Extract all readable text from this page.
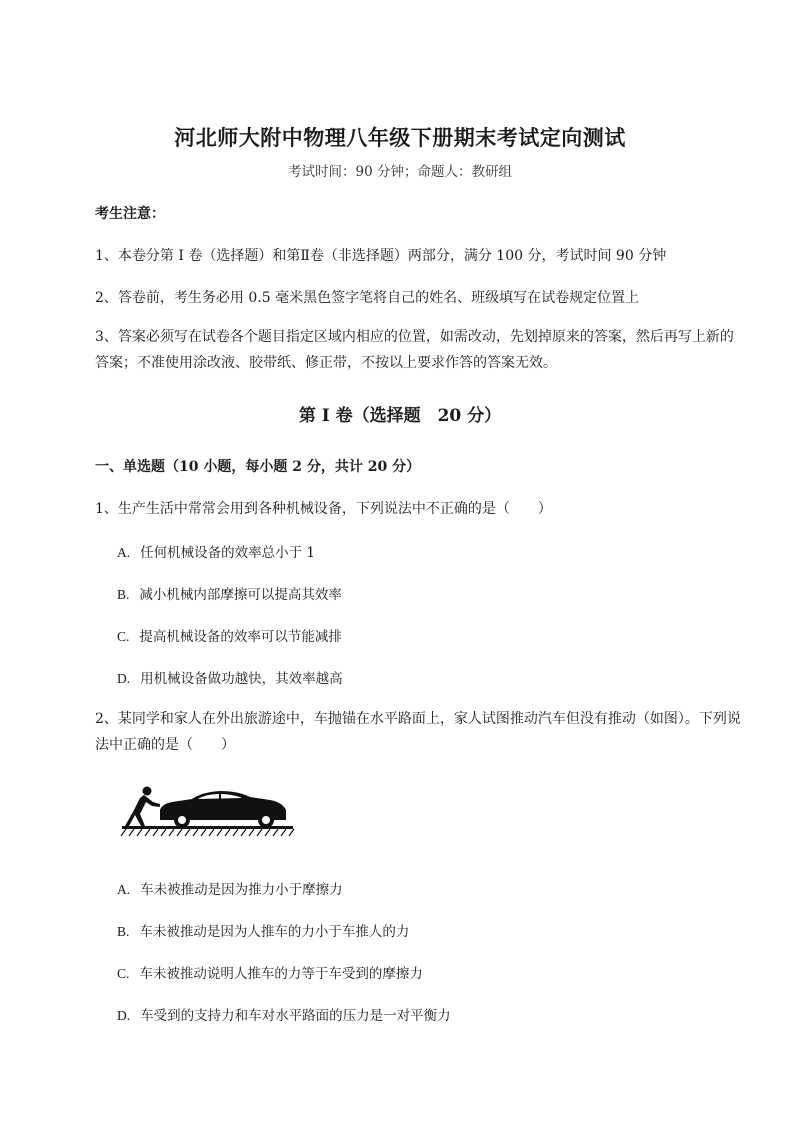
河北师大附中物理八年级下册期末考试定向测试
考试时间：90 分钟；命题人：教研组
考生注意：
1、本卷分第 I 卷（选择题）和第Ⅱ卷（非选择题）两部分，满分 100 分，考试时间 90 分钟
2、答卷前，考生务必用 0.5 毫米黑色签字笔将自己的姓名、班级填写在试卷规定位置上
3、答案必须写在试卷各个题目指定区域内相应的位置，如需改动，先划掉原来的答案，然后再写上新的答案；不准使用涂改液、胶带纸、修正带，不按以上要求作答的答案无效。
第 I 卷（选择题　20 分）
一、单选题（10 小题，每小题 2 分，共计 20 分）
1、生产生活中常常会用到各种机械设备，下列说法中不正确的是（　　）
A. 任何机械设备的效率总小于 1
B. 减小机械内部摩擦可以提高其效率
C. 提高机械设备的效率可以节能减排
D. 用机械设备做功越快，其效率越高
2、某同学和家人在外出旅游途中，车抛锚在水平路面上，家人试图推动汽车但没有推动（如图）。下列说法中正确的是（　　）
A. 车未被推动是因为推力小于摩擦力
B. 车未被推动是因为人推车的力小于车推人的力
C. 车未被推动说明人推车的力等于车受到的摩擦力
D. 车受到的支持力和车对水平路面的压力是一对平衡力
